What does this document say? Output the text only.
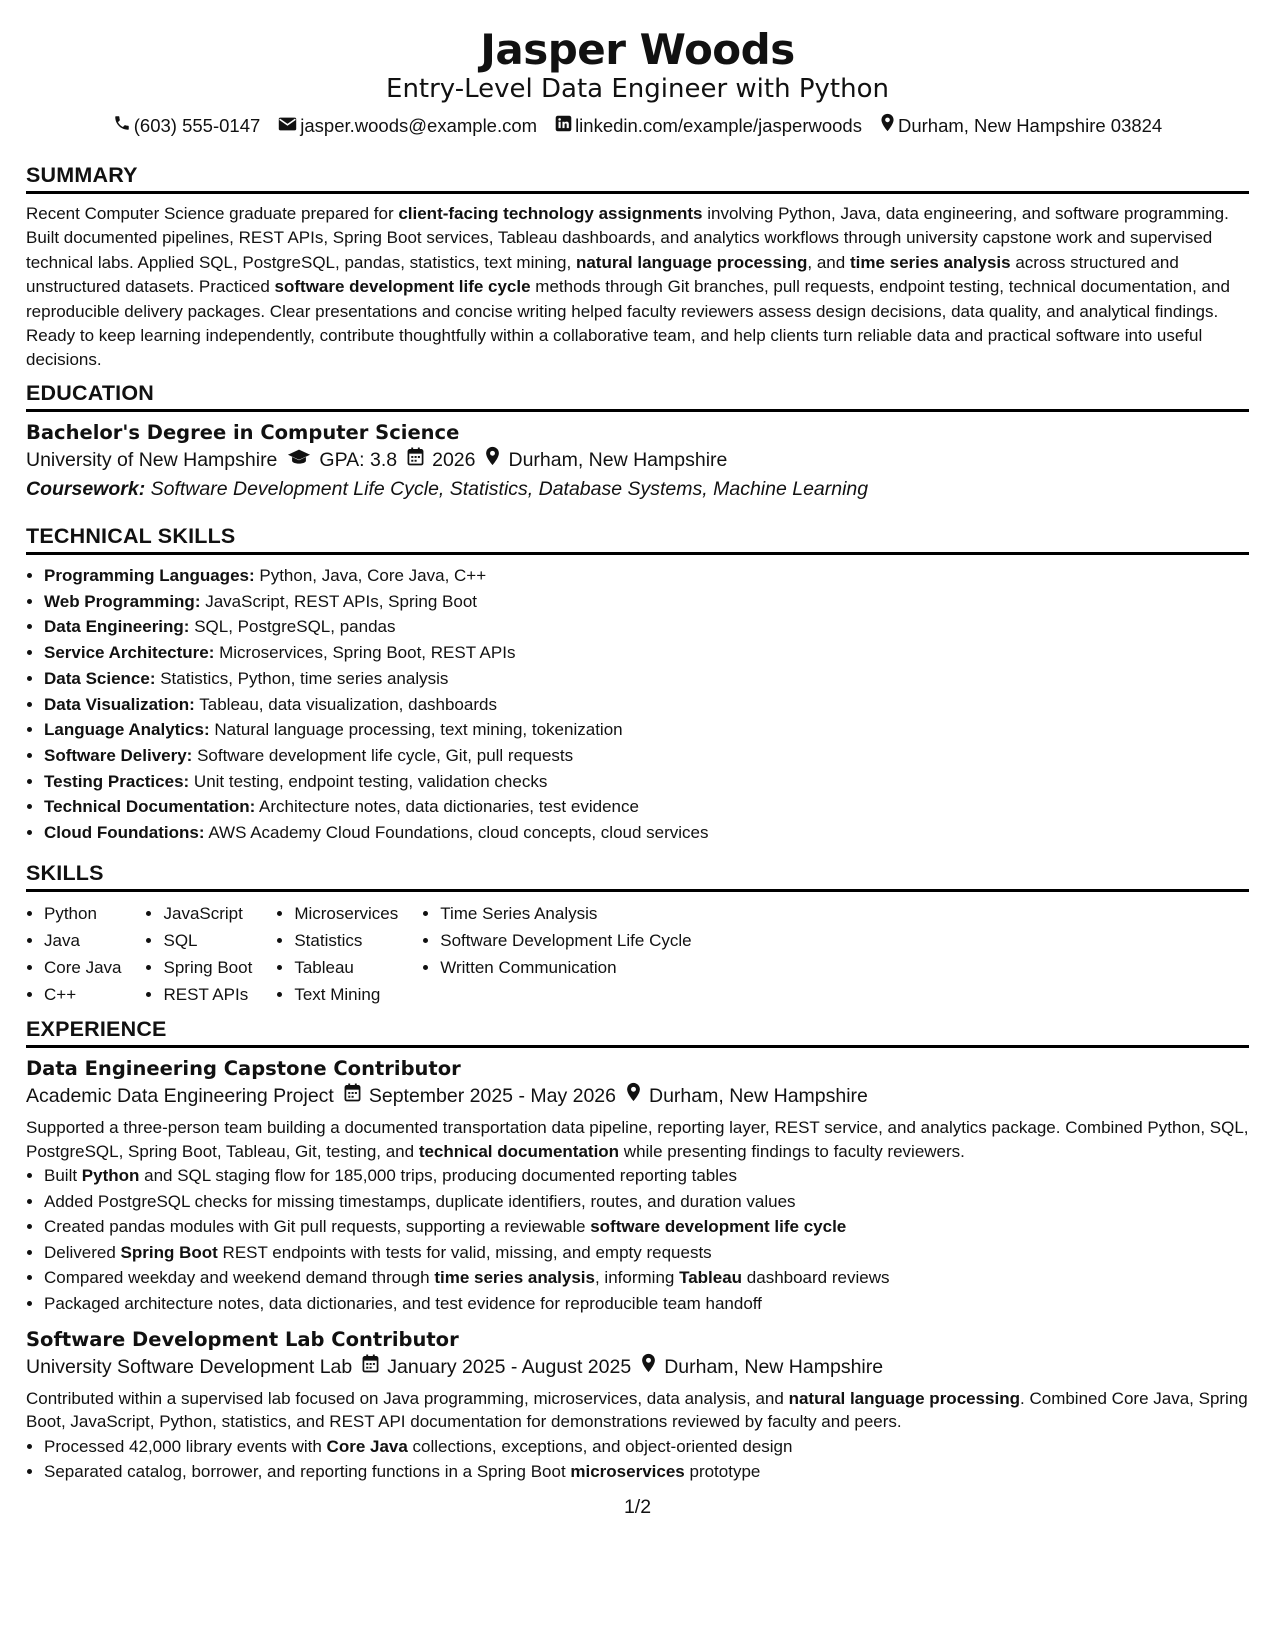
Jasper Woods
Entry-Level Data Engineer with Python
(603) 555-0147 jasper.woods@example.com linkedin.com/example/jasperwoods Durham, New Hampshire 03824
SUMMARY

Recent Computer Science graduate prepared for client-facing technology assignments involving Python, Java, data engineering, and software programming. Built documented pipelines, REST APIs, Spring Boot services, Tableau dashboards, and analytics workflows through university capstone work and supervised technical labs. Applied SQL, PostgreSQL, pandas, statistics, text mining, natural language processing, and time series analysis across structured and unstructured datasets. Practiced software development life cycle methods through Git branches, pull requests, endpoint testing, technical documentation, and reproducible delivery packages. Clear presentations and concise writing helped faculty reviewers assess design decisions, data quality, and analytical findings. Ready to keep learning independently, contribute thoughtfully within a collaborative team, and help clients turn reliable data and practical software into useful decisions.

EDUCATION
Bachelor's Degree in Computer Science
University of New Hampshire GPA: 3.8 2026 Durham, New Hampshire
Coursework: Software Development Life Cycle, Statistics, Database Systems, Machine Learning
TECHNICAL SKILLS
• Programming Languages: Python, Java, Core Java, C++
• Web Programming: JavaScript, REST APIs, Spring Boot
• Data Engineering: SQL, PostgreSQL, pandas
• Service Architecture: Microservices, Spring Boot, REST APIs
• Data Science: Statistics, Python, time series analysis
• Data Visualization: Tableau, data visualization, dashboards
• Language Analytics: Natural language processing, text mining, tokenization
• Software Delivery: Software development life cycle, Git, pull requests
• Testing Practices: Unit testing, endpoint testing, validation checks
• Technical Documentation: Architecture notes, data dictionaries, test evidence
• Cloud Foundations: AWS Academy Cloud Foundations, cloud concepts, cloud services
SKILLS
• Python
• Java
• Core Java
• C++
• JavaScript
• SQL
• Spring Boot
• REST APIs
• Microservices
• Statistics
• Tableau
• Text Mining
• Time Series Analysis
• Software Development Life Cycle
• Written Communication
EXPERIENCE
Data Engineering Capstone Contributor
Academic Data Engineering Project September 2025 - May 2026 Durham, New Hampshire

Supported a three-person team building a documented transportation data pipeline, reporting layer, REST service, and analytics package. Combined Python, SQL, PostgreSQL, Spring Boot, Tableau, Git, testing, and technical documentation while presenting findings to faculty reviewers.

• Built Python and SQL staging flow for 185,000 trips, producing documented reporting tables
• Added PostgreSQL checks for missing timestamps, duplicate identifiers, routes, and duration values
• Created pandas modules with Git pull requests, supporting a reviewable software development life cycle
• Delivered Spring Boot REST endpoints with tests for valid, missing, and empty requests
• Compared weekday and weekend demand through time series analysis, informing Tableau dashboard reviews
• Packaged architecture notes, data dictionaries, and test evidence for reproducible team handoff
Software Development Lab Contributor
University Software Development Lab January 2025 - August 2025 Durham, New Hampshire

Contributed within a supervised lab focused on Java programming, microservices, data analysis, and natural language processing. Combined Core Java, Spring Boot, JavaScript, Python, statistics, and REST API documentation for demonstrations reviewed by faculty and peers.

• Processed 42,000 library events with Core Java collections, exceptions, and object-oriented design
• Separated catalog, borrower, and reporting functions in a Spring Boot microservices prototype
1/2
